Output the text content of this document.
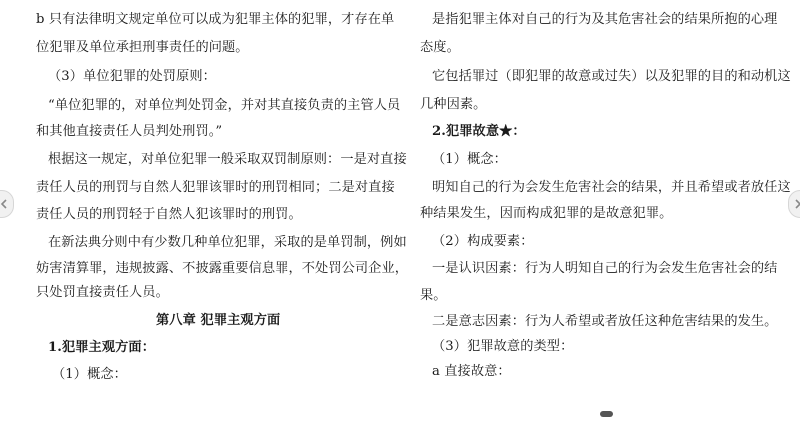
b 只有法律明文规定单位可以成为犯罪主体的犯罪，才存在单
位犯罪及单位承担刑事责任的问题。
（3）单位犯罪的处罚原则：
“单位犯罪的，对单位判处罚金，并对其直接负责的主管人员
和其他直接责任人员判处刑罚。”
根据这一规定，对单位犯罪一般采取双罚制原则：一是对直接
责任人员的刑罚与自然人犯罪该罪时的刑罚相同；二是对直接
责任人员的刑罚轻于自然人犯该罪时的刑罚。
在新法典分则中有少数几种单位犯罪，采取的是单罚制，例如
妨害清算罪，违规披露、不披露重要信息罪，不处罚公司企业，
只处罚直接责任人员。
第八章 犯罪主观方面
1.犯罪主观方面：
（1）概念：
是指犯罪主体对自己的行为及其危害社会的结果所抱的心理
态度。
它包括罪过（即犯罪的故意或过失）以及犯罪的目的和动机这
几种因素。
2.犯罪故意★：
（1）概念：
明知自己的行为会发生危害社会的结果，并且希望或者放任这
种结果发生，因而构成犯罪的是故意犯罪。
（2）构成要素：
一是认识因素：行为人明知自己的行为会发生危害社会的结
果。
二是意志因素：行为人希望或者放任这种危害结果的发生。
（3）犯罪故意的类型：
a 直接故意：
